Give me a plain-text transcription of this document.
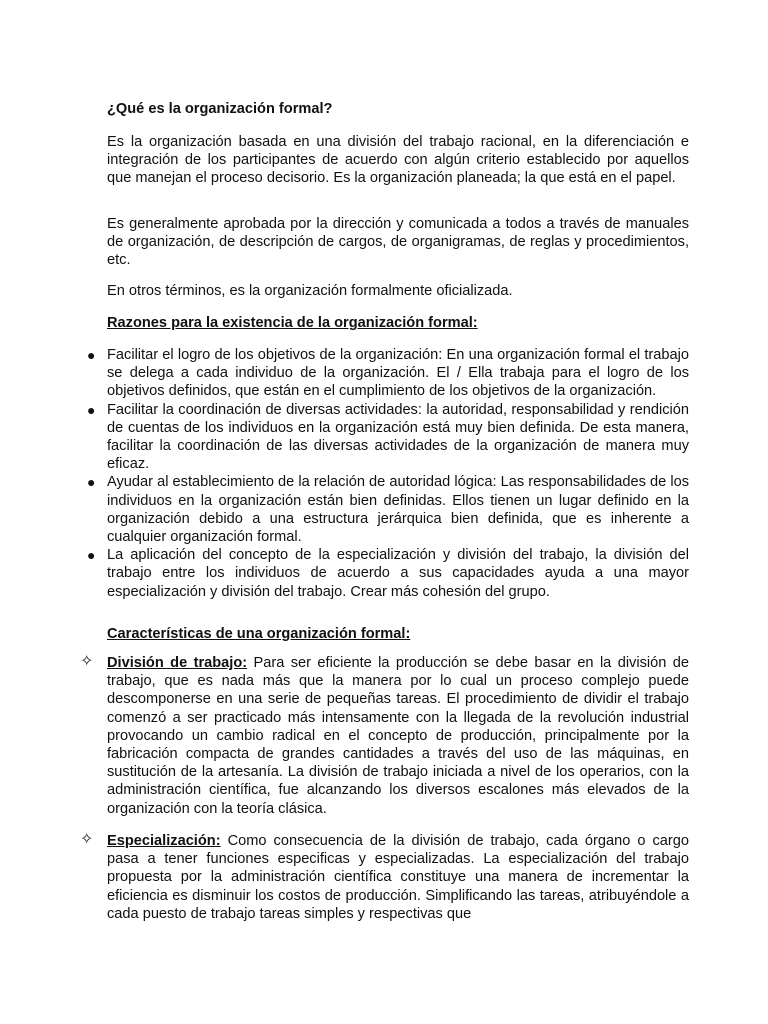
¿Qué es la organización formal?

Es la organización basada en una división del trabajo racional, en la diferenciación e integración de los participantes de acuerdo con algún criterio establecido por aquellos que manejan el proceso decisorio. Es la organización planeada; la que está en el papel.

Es generalmente aprobada por la dirección y comunicada a todos a través de manuales de organización, de descripción de cargos, de organigramas, de reglas y procedimientos, etc.

En otros términos, es la organización formalmente oficializada.

Razones para la existencia de la organización formal:

● Facilitar el logro de los objetivos de la organización: En una organización formal el trabajo se delega a cada individuo de la organización. El / Ella trabaja para el logro de los objetivos definidos, que están en el cumplimiento de los objetivos de la organización.
● Facilitar la coordinación de diversas actividades: la autoridad, responsabilidad y rendición de cuentas de los individuos en la organización está muy bien definida. De esta manera, facilitar la coordinación de las diversas actividades de la organización de manera muy eficaz.
● Ayudar al establecimiento de la relación de autoridad lógica: Las responsabilidades de los individuos en la organización están bien definidas. Ellos tienen un lugar definido en la organización debido a una estructura jerárquica bien definida, que es inherente a cualquier organización formal.
● La aplicación del concepto de la especialización y división del trabajo, la división del trabajo entre los individuos de acuerdo a sus capacidades ayuda a una mayor especialización y división del trabajo. Crear más cohesión del grupo.

Características de una organización formal:

✧ División de trabajo: Para ser eficiente la producción se debe basar en la división de trabajo, que es nada más que la manera por lo cual un proceso complejo puede descomponerse en una serie de pequeñas tareas. El procedimiento de dividir el trabajo comenzó a ser practicado más intensamente con la llegada de la revolución industrial provocando un cambio radical en el concepto de producción, principalmente por la fabricación compacta de grandes cantidades a través del uso de las máquinas, en sustitución de la artesanía. La división de trabajo iniciada a nivel de los operarios, con la administración científica, fue alcanzando los diversos escalones más elevados de la organización con la teoría clásica.
✧ Especialización: Como consecuencia de la división de trabajo, cada órgano o cargo pasa a tener funciones especificas y especializadas. La especialización del trabajo propuesta por la administración científica constituye una manera de incrementar la eficiencia es disminuir los costos de producción. Simplificando las tareas, atribuyéndole a cada puesto de trabajo tareas simples y respectivas que
